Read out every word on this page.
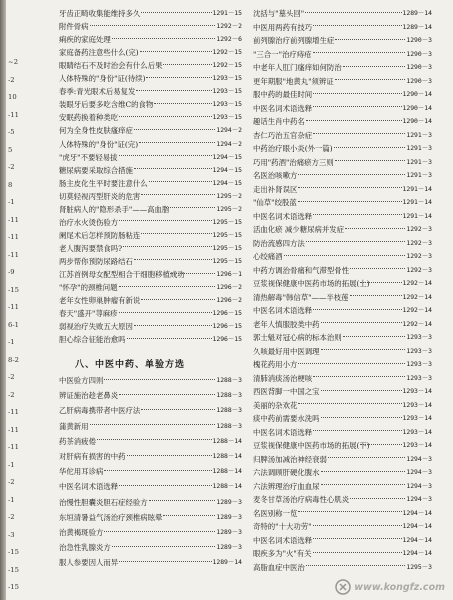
~2
-2
10
-11
-5
5
-2
8
-1
-11
-11
-11
-9
-15
-11
6-1
-1
8-2
-2
-2
-11
-11
-11
-1
-2
-1
-2
-3
-15
-15
-15
八、中医中药、单验方选
牙齿正畸收集能维持多久	1291－15
附件骨病	1292－2
痢疾的家庭处理	1292－6
家庭备药注意些什么(完)	1292－15
眼睛结石不及时治会有什么后果	1292－15
人体特殊的"身份"证(待续)	1293－15
春季:青光眼术后易复发	1293－15
装眼牙后要多吃含维C的食物	1293－15
安眠药换着种类吃	1293－15
何为全身性皮肤瘙痒症	1294－2
人体特殊的"身份"证(完)	1294－2
"虎牙"不要轻易拔	1294－15
糖尿病要采取综合措施	1294－15
肠主皮化生平时要注意什么	1294－15
切莫轻视丙型肝炎的危害	1295－2
肾脏病人的"隐形杀手"——高血脂	1295－2
治疗水火烫伤验方	1295－15
阑尾术后怎样预防肠粘连	1295－15
老人腹泻要禁食吗?	1295－15
两步帮你预防尿路结石	1295－15
江苏首例母女配型相合干细胞移植成功	1296－1
"怀孕"的颈椎问题	1296－2
老年女性卵巢肿瘤有新说	1296－2
春天"盛开"荨麻疹	1296－15
弱视治疗失败五大原因	1296－15
胆心综合征能治愈吗	1296－15
中医验方四则	1288－3
辨证施治趁老鼻炎	1288－3
乙肝病毒携带者中医疗法	1288－3
蒲黄新用	1288－3
药茶消疲倦	1288－14
对肝病有损害的中药	1288－14
华佗用耳诊病	1288－14
中医名词术语选释	1288－14
治慢性胆囊炎胆石症经验方	1289－3
东垣清暑益气汤治疗颈椎病眩晕	1289－3
治黄褐斑验方	1289－3
治急性乳腺炎方	1289－3
服人参要因人而异	1289－14
沈括与"墓头回"	1289－14
中医用两药有技巧	1289－14
前列腺治疗前列腺增生症	1290－3
"三合一"治疗痔疮	1290－3
中老年人肛门瘙痒如何防治	1290－3
更年期服"地黄丸"须辨证	1290－3
服中药的最佳时间	1290－14
中医名词术语选释	1290－14
趣话生肖中药名	1290－14
杏仁巧治五官杂症	1291－3
中药治疗眼小炎(外一篇)	1291－3
巧用"药酒"治痛瘀方三则	1291－3
名医治咳嗽方	1291－3
走出补肾误区	1291－14
"仙草"绞股蓝	1291－14
中医名词术语选释	1291－14
活血化瘀 减少糖尿病并发症	1292－3
防治流感四方法	1292－3
心绞痛酒	1292－3
中药方调治骨痛和气滞型骨性	1292－3
豆浆视保健康中医药市场的拓展(上)	1292－14
清热解毒"韩信草"——半枝莲	1292－14
中医名词术语选释	1292－14
老年人慎服胶类中药	1292－14
郭士魁对冠心病的标本治则	1293－3
久咳最好用中医调理	1293－3
槐花药用小方	1293－3
清肺消痰汤治梗咳	1293－3
西医背脚一中国之宝	1293－14
美丽的杂欢花	1293－14
痰中药前需要水洗吗	1293－14
中医名词术语选释	1293－14
豆浆视保健康中医药市场的拓展(下)	1293－14
归脾汤加减治神经衰弱	1294－3
六法调顾肝硬化腹水	1294－3
六法辨理治疗血血尿	1294－3
麦冬甘草汤治疗病毒性心肌炎	1294－3
名医别称一览	1294－14
奇特的"十大功劳"	1294－14
中医名词术语选释	1294－14
眼疾多为"火"有关	1294－14
高脂血症中医治	1295－3
www.kongfz.com
